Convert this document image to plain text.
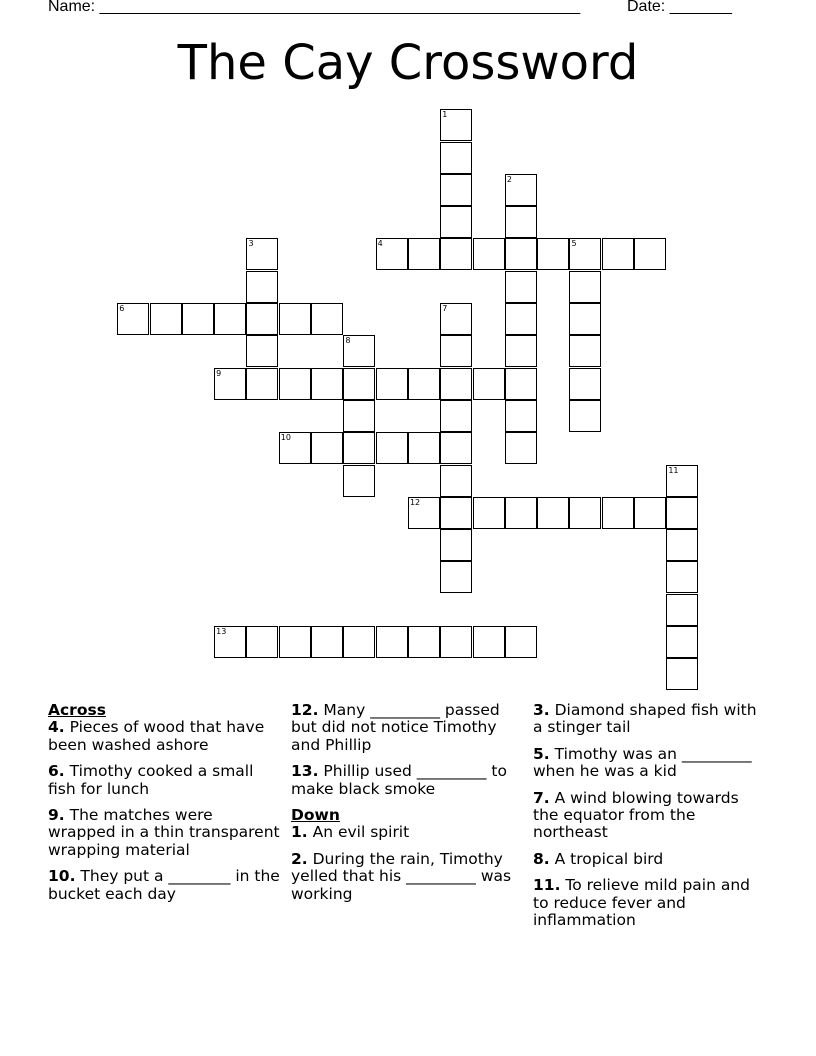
Name: ______________________________________________________	Date: _______
The Cay Crossword
1
2
3	4	5
6	7
8
9
10
11
12
13
Across
4. Pieces of wood that have been washed ashore
6. Timothy cooked a small fish for lunch
9. The matches were wrapped in a thin transparent wrapping material
10. They put a ________ in the bucket each day
12. Many _________ passed but did not notice Timothy and Phillip
13. Phillip used _________ to make black smoke
Down
1. An evil spirit
2. During the rain, Timothy yelled that his _________ was working
3. Diamond shaped fish with a stinger tail
5. Timothy was an _________ when he was a kid
7. A wind blowing towards the equator from the northeast
8. A tropical bird
11. To relieve mild pain and to reduce fever and inflammation
